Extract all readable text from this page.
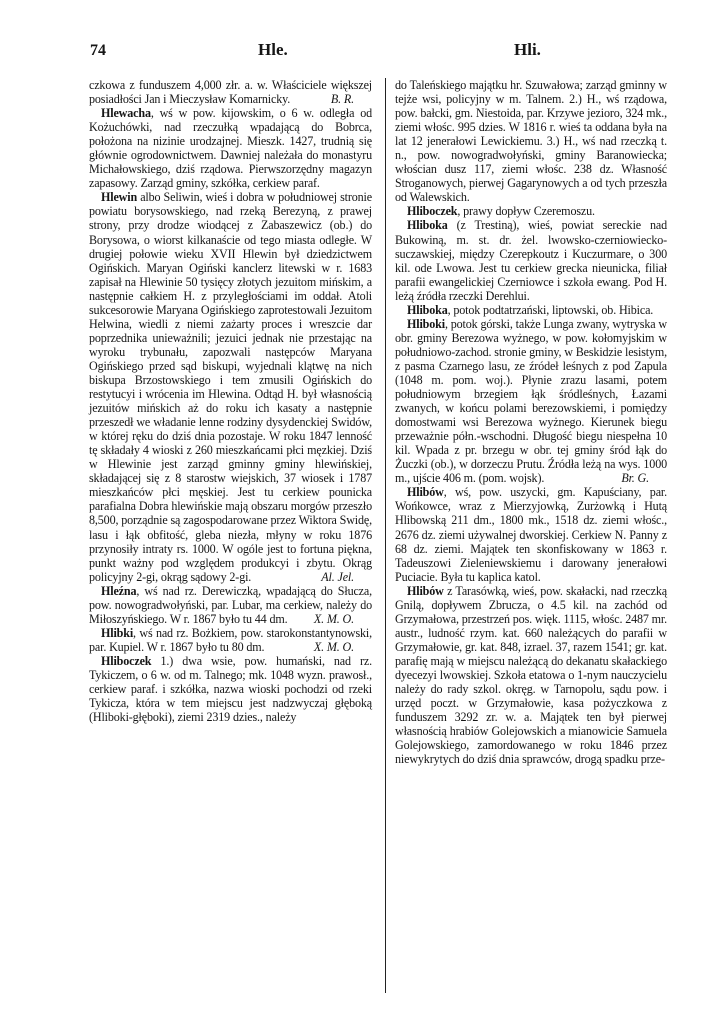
74	Hle.	Hli.

czkowa z funduszem 4,000 złr. a. w. Właściciele większej posiadłości Jan i Mieczysław Komarnicky.	B. R.

Hlewacha, wś w pow. kijowskim, o 6 w. odległa od Kożuchówki, nad rzeczułką wpadającą do Bobrca, położona na nizinie urodzajnej. Mieszk. 1427, trudnią się głównie ogrodownictwem. Dawniej należała do monastyru Michałowskiego, dziś rządowa. Pierwszorzędny magazyn zapasowy. Zarząd gminy, szkółka, cerkiew paraf.

Hlewin albo Seliwin, wieś i dobra w południowej stronie powiatu borysowskiego, nad rzeką Berezyną, z prawej strony, przy drodze wiodącej z Zabaszewicz (ob.) do Borysowa, o wiorst kilkanaście od tego miasta odległe. W drugiej połowie wieku XVII Hlewin był dziedzictwem Ogińskich. Maryan Ogiński kanclerz litewski w r. 1683 zapisał na Hlewinie 50 tysięcy złotych jezuitom mińskim, a następnie całkiem H. z przyległościami im oddał. Atoli sukcesorowie Maryana Ogińskiego zaprotestowali Jezuitom Helwina, wiedli z niemi zażarty proces i wreszcie dar poprzednika unieważnili; jezuici jednak nie przestając na wyroku trybunału, zapozwali następców Maryana Ogińskiego przed sąd biskupi, wyjednali klątwę na nich biskupa Brzostowskiego i tem zmusili Ogińskich do restytucyi i wrócenia im Hlewina. Odtąd H. był własnością jezuitów mińskich aż do roku ich kasaty a następnie przeszedł we władanie lenne rodziny dysydenckiej Swidów, w której ręku do dziś dnia pozostaje. W roku 1847 lenność tę składały 4 wioski z 260 mieszkańcami płci męzkiej. Dziś w Hlewinie jest zarząd gminny gminy hlewińskiej, składającej się z 8 starostw wiejskich, 37 wiosek i 1787 mieszkańców płci męskiej. Jest tu cerkiew pounicka parafialna Dobra hlewińskie mają obszaru morgów przeszło 8,500, porządnie są zagospodarowane przez Wiktora Swidę, lasu i łąk obfitość, gleba niezła, młyny w roku 1876 przynosiły intraty rs. 1000. W ogóle jest to fortuna piękna, punkt ważny pod względem produkcyi i zbytu. Okrąg policyjny 2-gi, okrąg sądowy 2-gi.	Al. Jel.

Hleźna, wś nad rz. Derewiczką, wpadającą do Słucza, pow. nowogradwołyński, par. Lubar, ma cerkiew, należy do Miłoszyńskiego. W r. 1867 było tu 44 dm.	X. M. O.

Hlibki, wś nad rz. Bożkiem, pow. starokonstantynowski, par. Kupiel. W r. 1867 było tu 80 dm.	X. M. O.

Hliboczek 1.) dwa wsie, pow. humański, nad rz. Tykiczem, o 6 w. od m. Talnego; mk. 1048 wyzn. prawosł., cerkiew paraf. i szkółka, nazwa wioski pochodzi od rzeki Tykicza, która w tem miejscu jest nadzwyczaj głęboką (Hliboki-głęboki), ziemi 2319 dzies., należy

do Taleńskiego majątku hr. Szuwałowa; zarząd gminny w tejże wsi, policyjny w m. Talnem. 2.) H., wś rządowa, pow. bałcki, gm. Niestoida, par. Krzywe jezioro, 324 mk., ziemi włośc. 995 dzies. W 1816 r. wieś ta oddana była na lat 12 jenerałowi Lewickiemu. 3.) H., wś nad rzeczką t. n., pow. nowogradwołyński, gminy Baranowiecka; włościan dusz 117, ziemi włośc. 238 dz. Własność Stroganowych, pierwej Gagarynowych a od tych przeszła od Walewskich.

Hliboczek, prawy dopływ Czeremoszu.

Hliboka (z Trestiną), wieś, powiat sereckie nad Bukowiną, m. st. dr. żel. lwowsko-czerniowiecko-suczawskiej, między Czerepkoutz i Kuczurmare, o 300 kil. ode Lwowa. Jest tu cerkiew grecka nieunicka, filiał parafii ewangelickiej Czerniowce i szkoła ewang. Pod H. leżą źródła rzeczki Derehlui.

Hliboka, potok podtatrzański, liptowski, ob. Hibica.

Hliboki, potok górski, także Lunga zwany, wytryska w obr. gminy Berezowa wyżnego, w pow. kołomyjskim w południowo-zachod. stronie gminy, w Beskidzie lesistym, z pasma Czarnego lasu, ze źródeł leśnych z pod Zapula (1048 m. pom. woj.). Płynie zrazu lasami, potem południowym brzegiem łąk śródleśnych, Łazami zwanych, w końcu polami berezowskiemi, i pomiędzy domostwami wsi Berezowa wyżnego. Kierunek biegu przeważnie półn.-wschodni. Długość biegu niespełna 10 kil. Wpada z pr. brzegu w obr. tej gminy śród łąk do Żuczki (ob.), w dorzeczu Prutu. Źródła leżą na wys. 1000 m., ujście 406 m. (pom. wojsk).	Br. G.

Hlibów, wś, pow. uszycki, gm. Kapuściany, par. Wońkowce, wraz z Mierzyjowką, Zurżowką i Hutą Hlibowską 211 dm., 1800 mk., 1518 dz. ziemi włośc., 2676 dz. ziemi używalnej dworskiej. Cerkiew N. Panny z 68 dz. ziemi. Majątek ten skonfiskowany w 1863 r. Tadeuszowi Zieleniewskiemu i darowany jenerałowi Puciacie. Była tu kaplica katol.

Hlibów z Tarasówką, wieś, pow. skałacki, nad rzeczką Gnilą, dopływem Zbrucza, o 4.5 kil. na zachód od Grzymałowa, przestrzeń pos. więk. 1115, włośc. 2487 mr. austr., ludność rzym. kat. 660 należących do parafii w Grzymałowie, gr. kat. 848, izrael. 37, razem 1541; gr. kat. parafię mają w miejscu należącą do dekanatu skałackiego dyecezyi lwowskiej. Szkoła etatowa o 1-nym nauczycielu należy do rady szkol. okręg. w Tarnopolu, sądu pow. i urzęd poczt. w Grzymałowie, kasa pożyczkowa z funduszem 3292 zr. w. a. Majątek ten był pierwej własnością hrabiów Golejowskich a mianowicie Samuela Golejowskiego, zamordowanego w roku 1846 przez niewykrytych do dziś dnia sprawców, drogą spadku prze-
